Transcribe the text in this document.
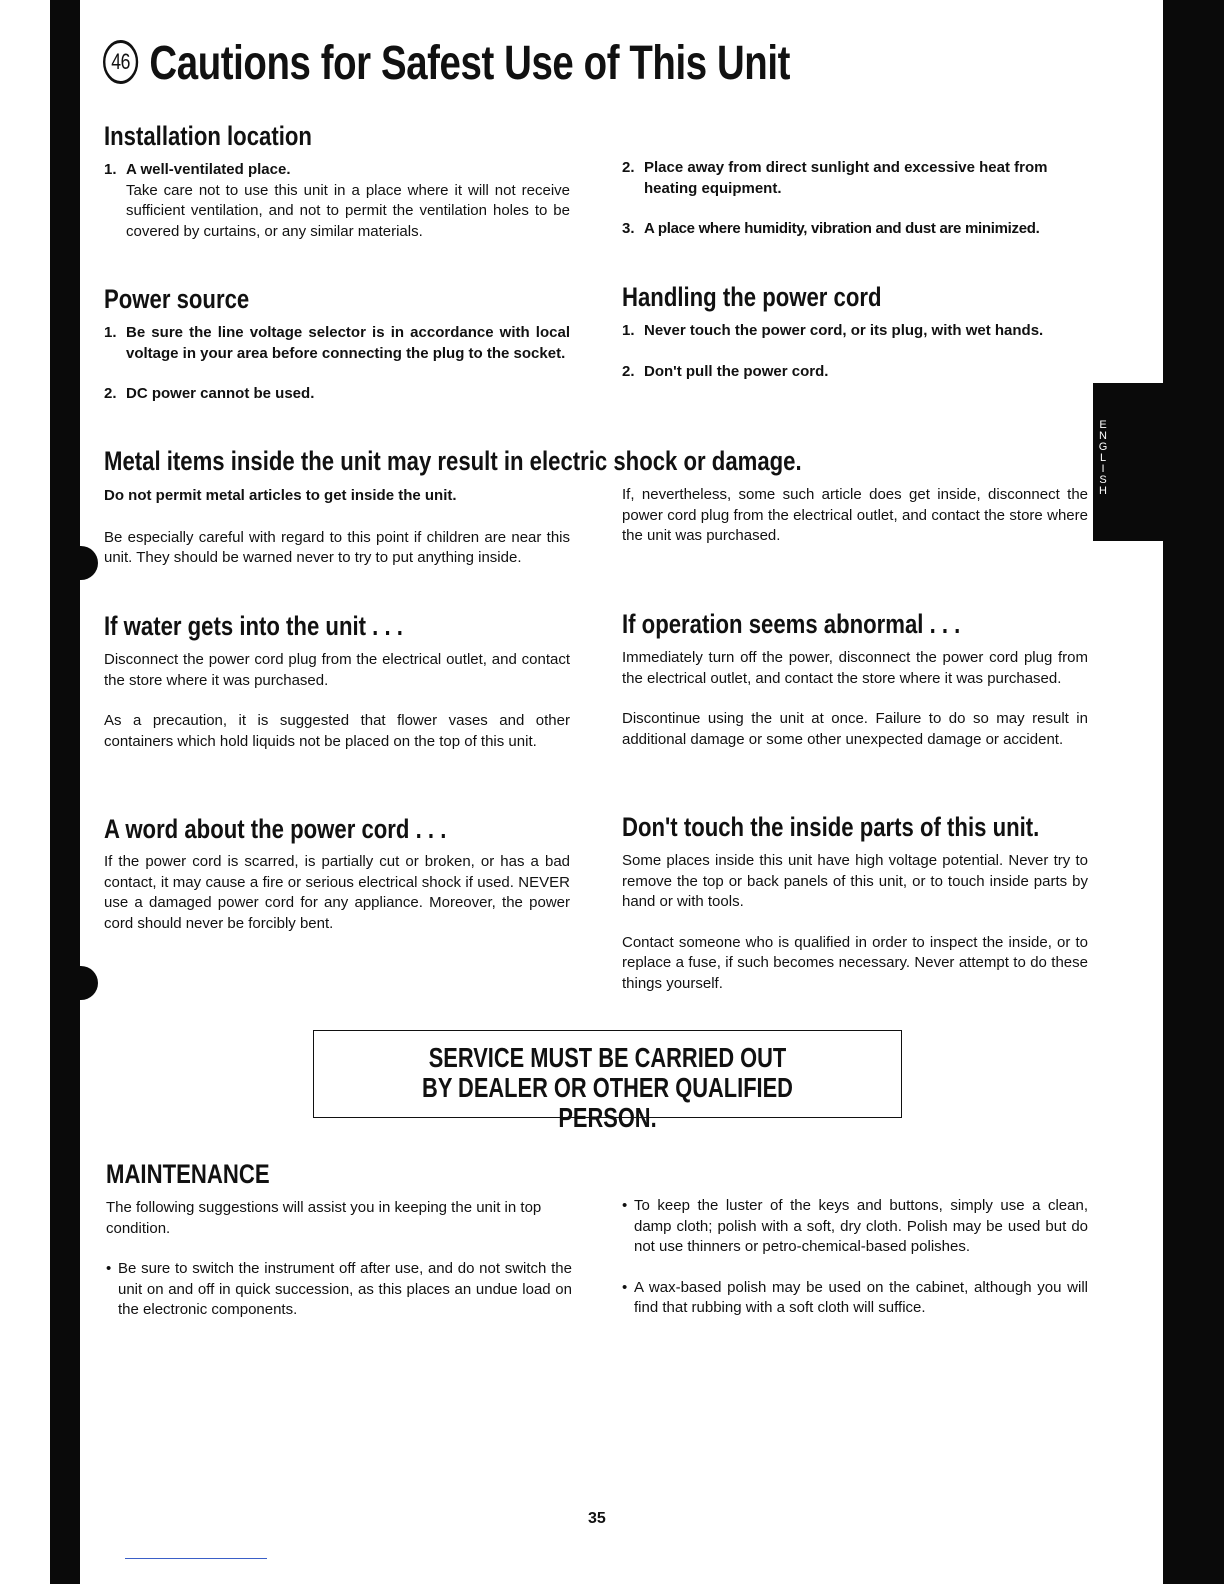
E
N
G
L
I
S
H
46 Cautions for Safest Use of This Unit
Installation location
1. A well-ventilated place.

Take care not to use this unit in a place where it will not receive sufficient ventilation, and not to permit the ventilation holes to be covered by curtains, or any similar materials.

2. Place away from direct sunlight and excessive heat from heating equipment.

3. A place where humidity, vibration and dust are minimized.

Power source
1. Be sure the line voltage selector is in accordance with local voltage in your area before connecting the plug to the socket.

2. DC power cannot be used.

Handling the power cord
1. Never touch the power cord, or its plug, with wet hands.

2. Don't pull the power cord.

Metal items inside the unit may result in electric shock or damage.

Do not permit metal articles to get inside the unit.

Be especially careful with regard to this point if children are near this unit. They should be warned never to try to put anything inside.

If, nevertheless, some such article does get inside, disconnect the power cord plug from the electrical outlet, and contact the store where the unit was purchased.

If water gets into the unit . . .

Disconnect the power cord plug from the electrical outlet, and contact the store where it was purchased.

As a precaution, it is suggested that flower vases and other containers which hold liquids not be placed on the top of this unit.

If operation seems abnormal . . .

Immediately turn off the power, disconnect the power cord plug from the electrical outlet, and contact the store where it was purchased.

Discontinue using the unit at once. Failure to do so may result in additional damage or some other unexpected damage or accident.

A word about the power cord . . .

If the power cord is scarred, is partially cut or broken, or has a bad contact, it may cause a fire or serious electrical shock if used. NEVER use a damaged power cord for any appliance. Moreover, the power cord should never be forcibly bent.

Don't touch the inside parts of this unit.

Some places inside this unit have high voltage potential. Never try to remove the top or back panels of this unit, or to touch inside parts by hand or with tools.

Contact someone who is qualified in order to inspect the inside, or to replace a fuse, if such becomes necessary. Never attempt to do these things yourself.

SERVICE MUST BE CARRIED OUT
BY DEALER OR OTHER QUALIFIED PERSON.
MAINTENANCE

The following suggestions will assist you in keeping the unit in top condition.

• Be sure to switch the instrument off after use, and do not switch the unit on and off in quick succession, as this places an undue load on the electronic components.

• To keep the luster of the keys and buttons, simply use a clean, damp cloth; polish with a soft, dry cloth. Polish may be used but do not use thinners or petro-chemical-based polishes.

• A wax-based polish may be used on the cabinet, although you will find that rubbing with a soft cloth will suffice.

35
